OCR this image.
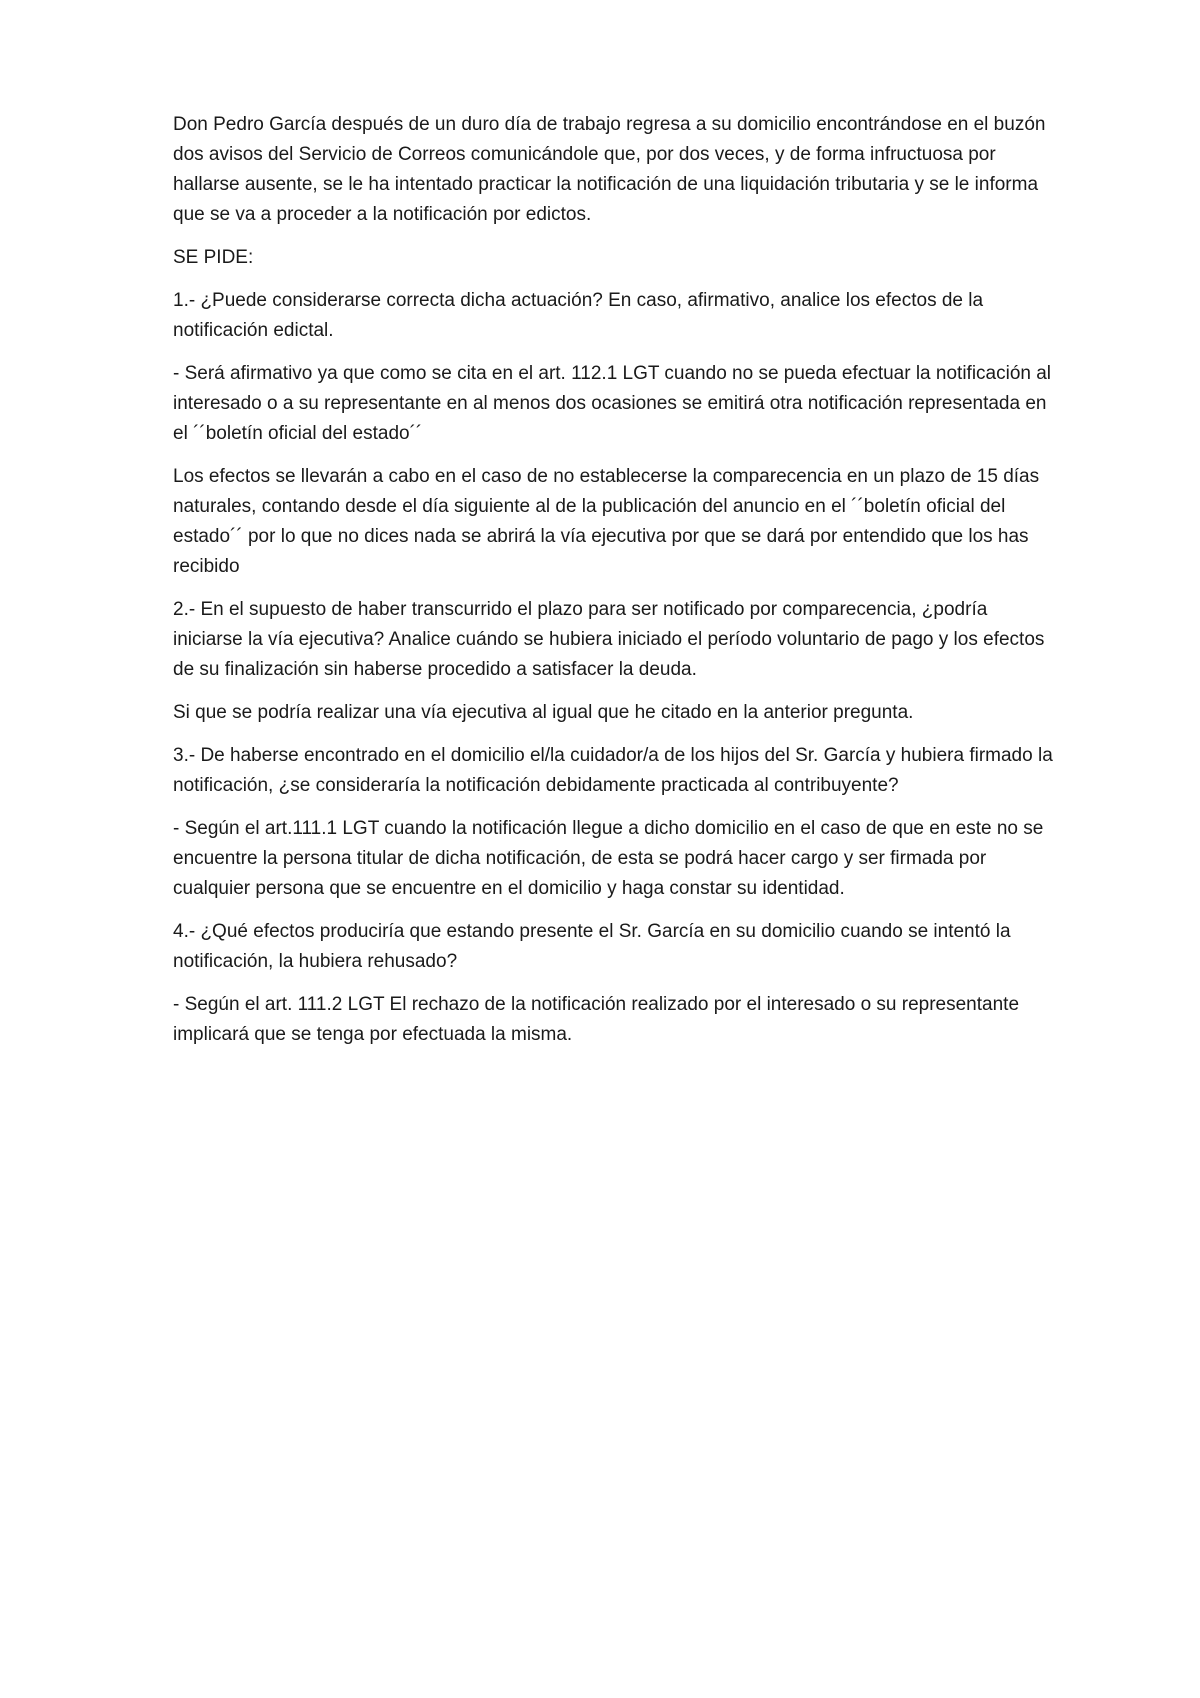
Don Pedro García después de un duro día de trabajo regresa a su domicilio encontrándose en el buzón dos avisos del Servicio de Correos comunicándole que, por dos veces, y de forma infructuosa por hallarse ausente, se le ha intentado practicar la notificación de una liquidación tributaria y se le informa que se va a proceder a la notificación por edictos.

SE PIDE:

1.- ¿Puede considerarse correcta dicha actuación? En caso, afirmativo, analice los efectos de la notificación edictal.

- Será afirmativo ya que como se cita en el art. 112.1 LGT cuando no se pueda efectuar la notificación al interesado o a su representante en al menos dos ocasiones se emitirá otra notificación representada en el ´´boletín oficial del estado´´

Los efectos se llevarán a cabo en el caso de no establecerse la comparecencia en un plazo de 15 días naturales, contando desde el día siguiente al de la publicación del anuncio en el ´´boletín oficial del estado´´ por lo que no dices nada se abrirá la vía ejecutiva por que se dará por entendido que los has recibido

2.- En el supuesto de haber transcurrido el plazo para ser notificado por comparecencia, ¿podría iniciarse la vía ejecutiva? Analice cuándo se hubiera iniciado el período voluntario de pago y los efectos de su finalización sin haberse procedido a satisfacer la deuda.

Si que se podría realizar una vía ejecutiva al igual que he citado en la anterior pregunta.

3.- De haberse encontrado en el domicilio el/la cuidador/a de los hijos del Sr. García y hubiera firmado la notificación, ¿se consideraría la notificación debidamente practicada al contribuyente?

- Según el art.111.1 LGT cuando la notificación llegue a dicho domicilio en el caso de que en este no se encuentre la persona titular de dicha notificación, de esta se podrá hacer cargo y ser firmada por cualquier persona que se encuentre en el domicilio y haga constar su identidad.

4.- ¿Qué efectos produciría que estando presente el Sr. García en su domicilio cuando se intentó la notificación, la hubiera rehusado?

- Según el art. 111.2 LGT El rechazo de la notificación realizado por el interesado o su representante implicará que se tenga por efectuada la misma.
